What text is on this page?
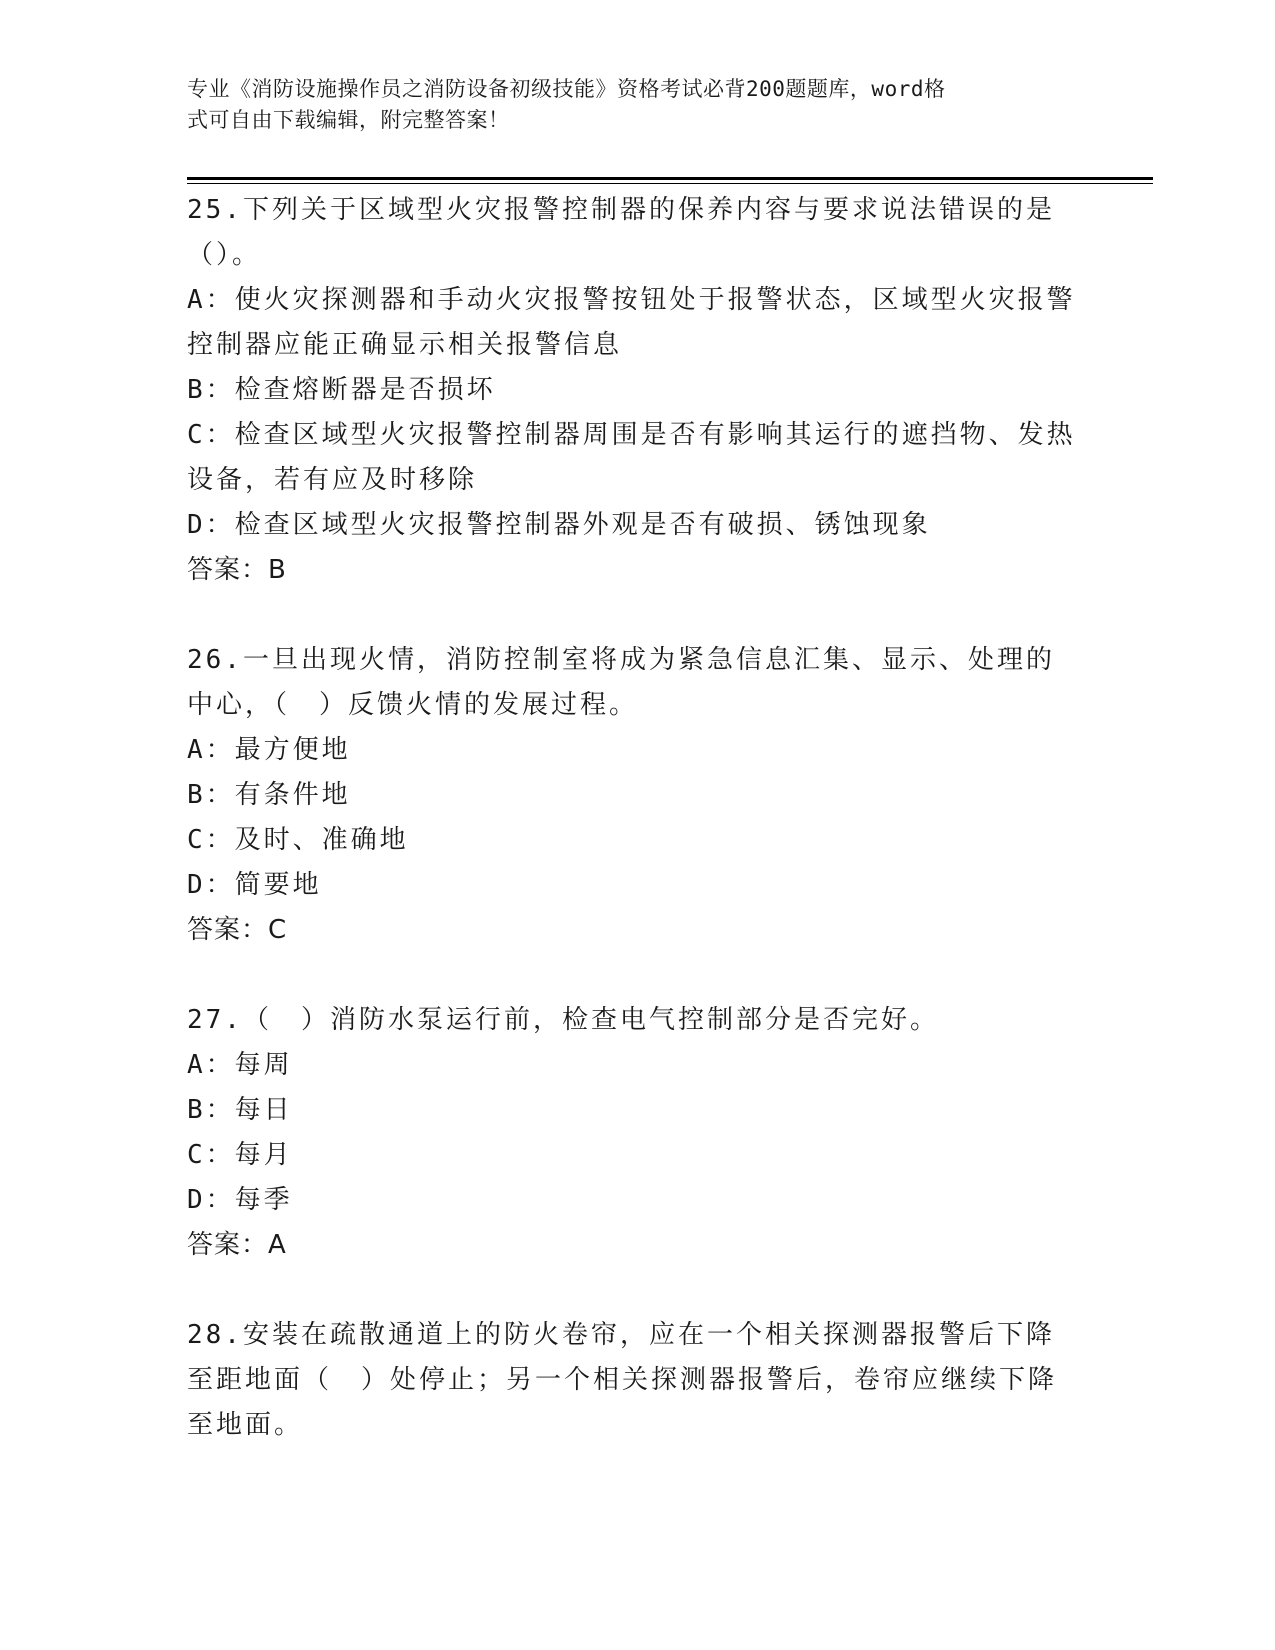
专业《消防设施操作员之消防设备初级技能》资格考试必背200题题库，word格
式可自由下载编辑，附完整答案！

25.下列关于区域型火灾报警控制器的保养内容与要求说法错误的是（）。

A：使火灾探测器和手动火灾报警按钮处于报警状态，区域型火灾报警控制器应能正确显示相关报警信息

B：检查熔断器是否损坏

C：检查区域型火灾报警控制器周围是否有影响其运行的遮挡物、发热设备，若有应及时移除

D：检查区域型火灾报警控制器外观是否有破损、锈蚀现象

答案：B

26.一旦出现火情，消防控制室将成为紧急信息汇集、显示、处理的中心，（　）反馈火情的发展过程。

A：最方便地

B：有条件地

C：及时、准确地

D：简要地

答案：C

27.（　）消防水泵运行前，检查电气控制部分是否完好。

A：每周

B：每日

C：每月

D：每季

答案：A

28.安装在疏散通道上的防火卷帘，应在一个相关探测器报警后下降至距地面（　）处停止；另一个相关探测器报警后，卷帘应继续下降至地面。
